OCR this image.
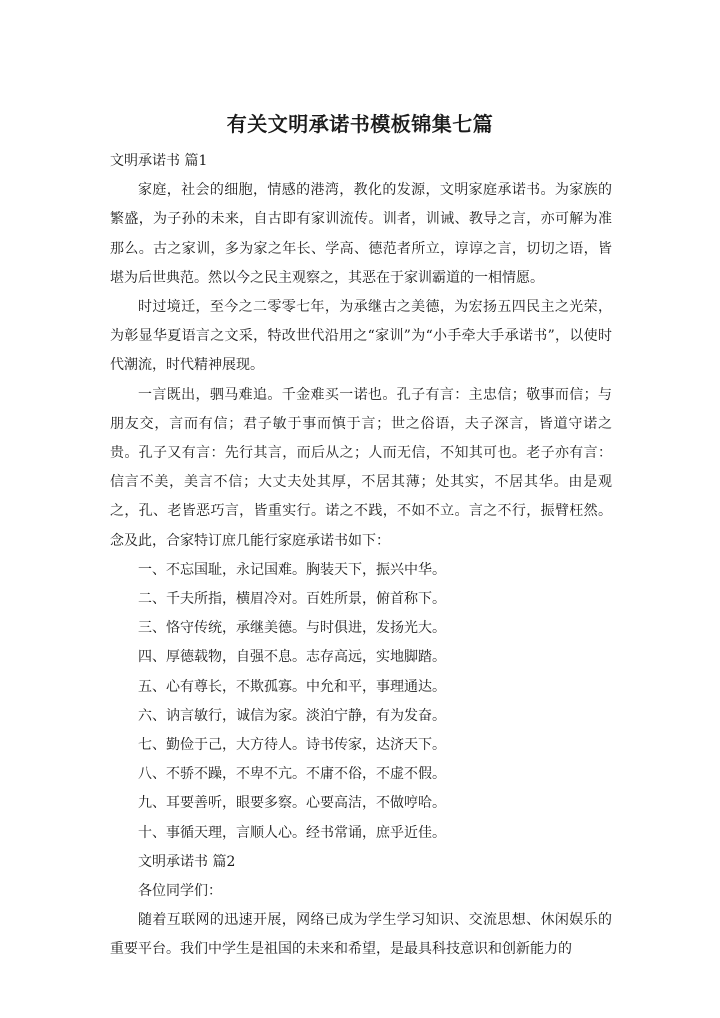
有关文明承诺书模板锦集七篇

文明承诺书 篇1

家庭，社会的细胞，情感的港湾，教化的发源，文明家庭承诺书。为家族的繁盛，为子孙的未来，自古即有家训流传。训者，训诫、教导之言，亦可解为准那么。古之家训，多为家之年长、学高、德范者所立，谆谆之言，切切之语，皆堪为后世典范。然以今之民主观察之，其恶在于家训霸道的一相情愿。

时过境迁，至今之二零零七年，为承继古之美德，为宏扬五四民主之光荣，为彰显华夏语言之文采，特改世代沿用之“家训”为“小手牵大手承诺书”，以使时代潮流，时代精神展现。

一言既出，驷马难追。千金难买一诺也。孔子有言：主忠信；敬事而信；与朋友交，言而有信；君子敏于事而慎于言；世之俗语，夫子深言，皆道守诺之贵。孔子又有言：先行其言，而后从之；人而无信，不知其可也。老子亦有言：信言不美，美言不信；大丈夫处其厚，不居其薄；处其实，不居其华。由是观之，孔、老皆恶巧言，皆重实行。诺之不践，不如不立。言之不行，振臂枉然。念及此，合家特订庶几能行家庭承诺书如下：

一、不忘国耻，永记国难。胸装天下，振兴中华。

二、千夫所指，横眉冷对。百姓所景，俯首称下。

三、恪守传统，承继美德。与时俱进，发扬光大。

四、厚德载物，自强不息。志存高远，实地脚踏。

五、心有尊长，不欺孤寡。中允和平，事理通达。

六、讷言敏行，诚信为家。淡泊宁静，有为发奋。

七、勤俭于己，大方待人。诗书传家，达济天下。

八、不骄不躁，不卑不亢。不庸不俗，不虚不假。

九、耳要善听，眼要多察。心要高洁，不做哼哈。

十、事循天理，言顺人心。经书常诵，庶乎近佳。

文明承诺书 篇2

各位同学们：

随着互联网的迅速开展，网络已成为学生学习知识、交流思想、休闲娱乐的重要平台。我们中学生是祖国的未来和希望，是最具科技意识和创新能力的
